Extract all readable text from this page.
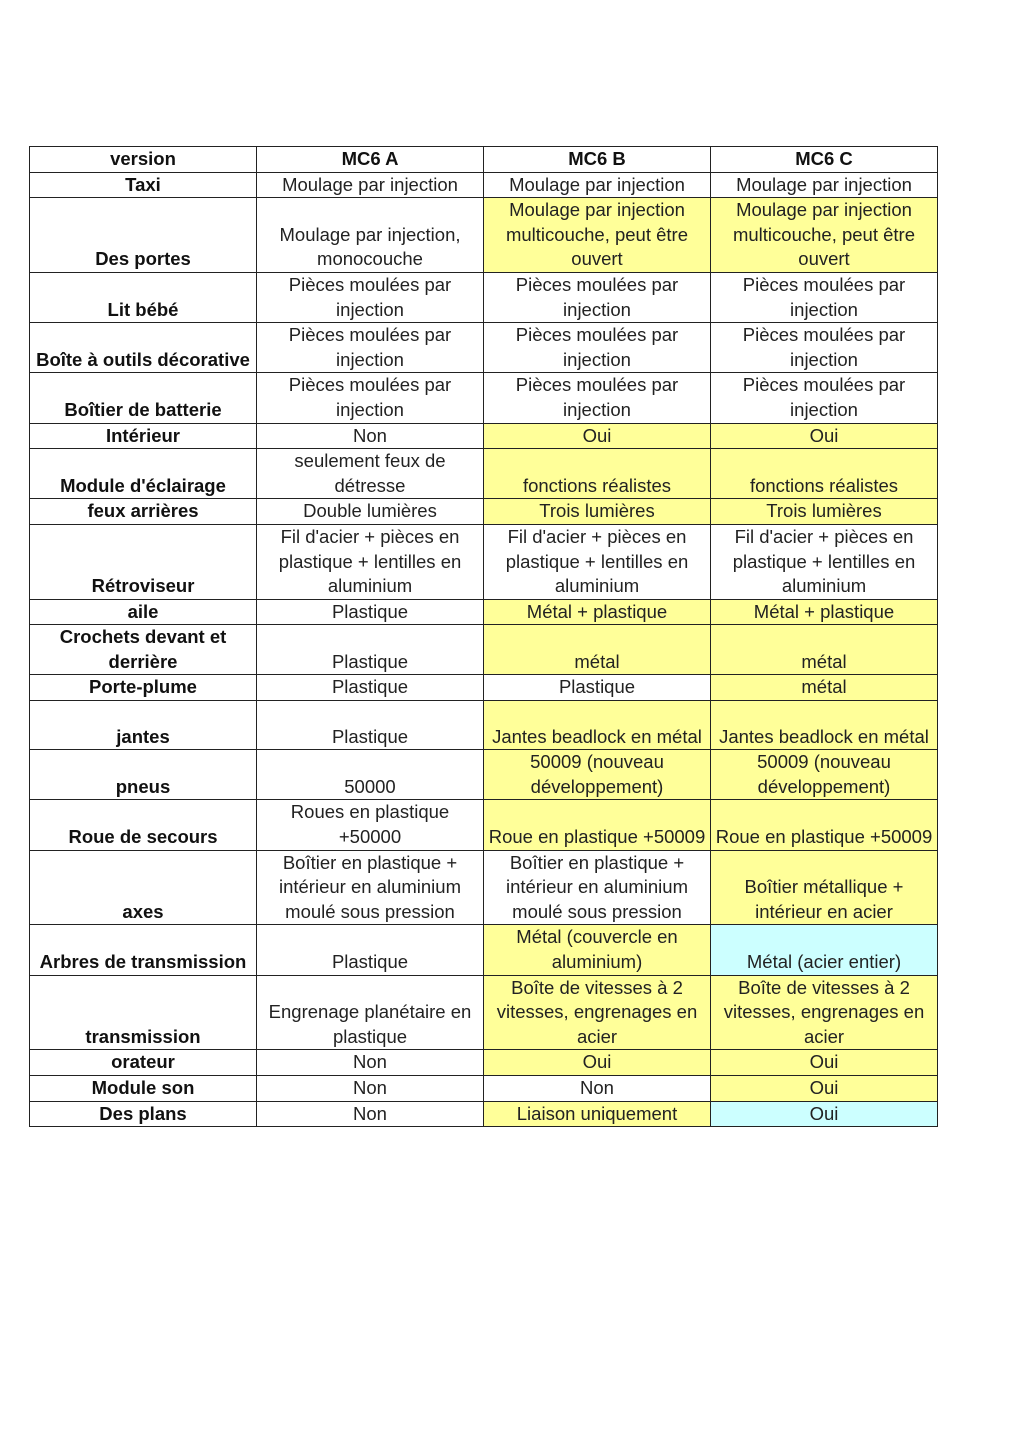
version	MC6 A	MC6 B	MC6 C
Taxi	Moulage par injection	Moulage par injection	Moulage par injection
Des portes	Moulage par injection, monocouche	Moulage par injection multicouche, peut être ouvert	Moulage par injection multicouche, peut être ouvert
Lit bébé	Pièces moulées par injection	Pièces moulées par injection	Pièces moulées par injection
Boîte à outils décorative	Pièces moulées par injection	Pièces moulées par injection	Pièces moulées par injection
Boîtier de batterie	Pièces moulées par injection	Pièces moulées par injection	Pièces moulées par injection
Intérieur	Non	Oui	Oui
Module d'éclairage	seulement feux de détresse	fonctions réalistes	fonctions réalistes
feux arrières	Double lumières	Trois lumières	Trois lumières
Rétroviseur	Fil d'acier + pièces en plastique + lentilles en aluminium	Fil d'acier + pièces en plastique + lentilles en aluminium	Fil d'acier + pièces en plastique + lentilles en aluminium
aile	Plastique	Métal + plastique	Métal + plastique
Crochets devant et derrière	Plastique	métal	métal
Porte-plume	Plastique	Plastique	métal
jantes	Plastique	Jantes beadlock en métal	Jantes beadlock en métal
pneus	50000	50009 (nouveau développement)	50009 (nouveau développement)
Roue de secours	Roues en plastique +50000	Roue en plastique +50009	Roue en plastique +50009
axes	Boîtier en plastique + intérieur en aluminium moulé sous pression	Boîtier en plastique + intérieur en aluminium moulé sous pression	Boîtier métallique + intérieur en acier
Arbres de transmission	Plastique	Métal (couvercle en aluminium)	Métal (acier entier)
transmission	Engrenage planétaire en plastique	Boîte de vitesses à 2 vitesses, engrenages en acier	Boîte de vitesses à 2 vitesses, engrenages en acier
orateur	Non	Oui	Oui
Module son	Non	Non	Oui
Des plans	Non	Liaison uniquement	Oui
